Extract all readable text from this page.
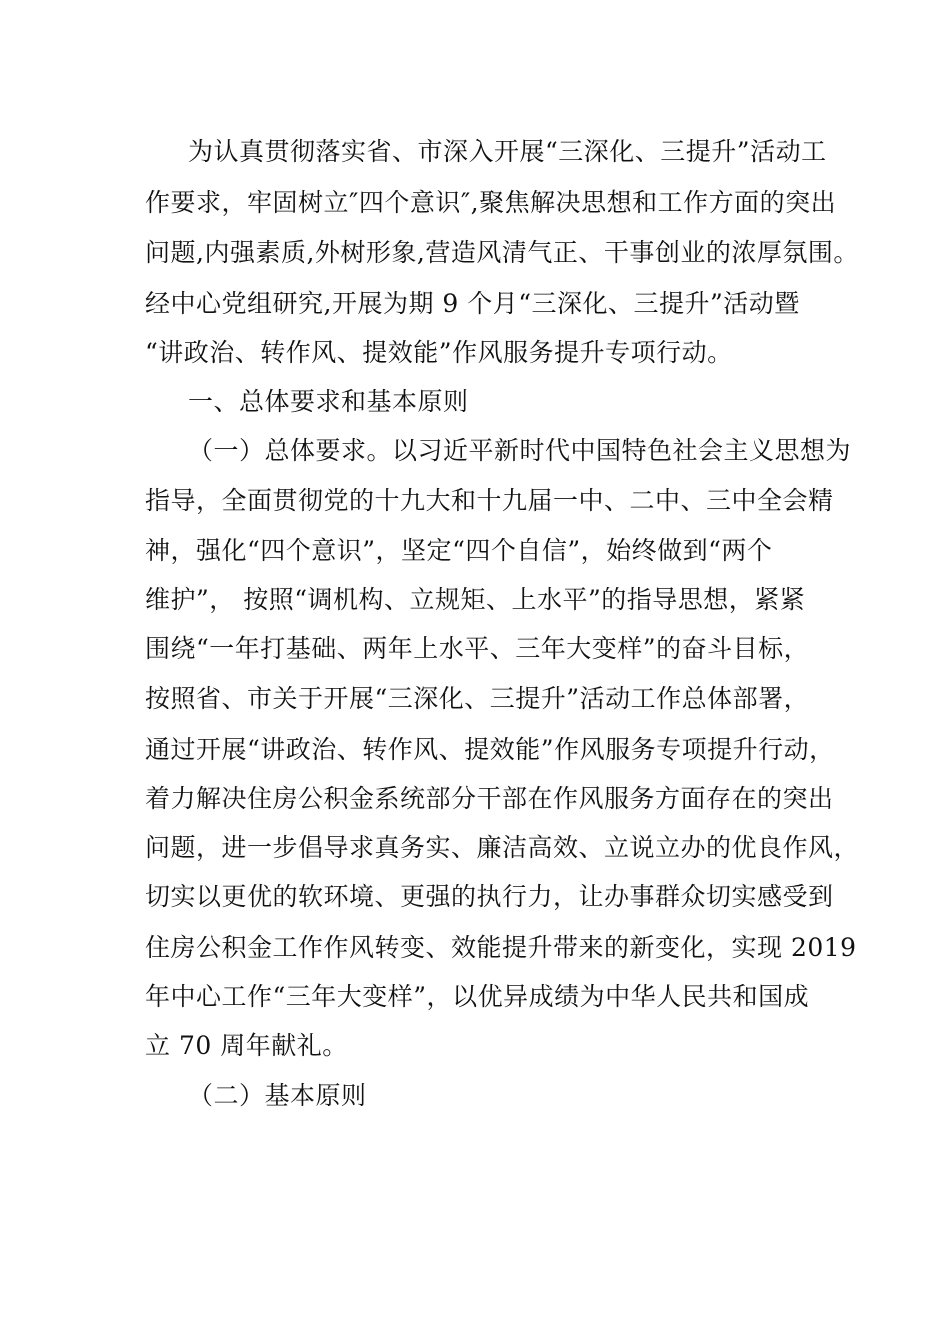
为认真贯彻落实省、市深入开展“三深化、三提升”活动工
作要求，牢固树立″四个意识″,聚焦解决思想和工作方面的突出
问题,内强素质,外树形象,营造风清气正、干事创业的浓厚氛围。
经中心党组研究,开展为期 9 个月“三深化、三提升”活动暨
“讲政治、转作风、提效能”作风服务提升专项行动。
一、总体要求和基本原则
（一）总体要求。以习近平新时代中国特色社会主义思想为
指导，全面贯彻党的十九大和十九届一中、二中、三中全会精
神，强化“四个意识”，坚定“四个自信”，始终做到“两个
维护”， 按照“调机构、立规矩、上水平”的指导思想，紧紧
围绕“一年打基础、两年上水平、三年大变样”的奋斗目标，
按照省、市关于开展“三深化、三提升”活动工作总体部署，
通过开展“讲政治、转作风、提效能”作风服务专项提升行动，
着力解决住房公积金系统部分干部在作风服务方面存在的突出
问题，进一步倡导求真务实、廉洁高效、立说立办的优良作风，
切实以更优的软环境、更强的执行力，让办事群众切实感受到
住房公积金工作作风转变、效能提升带来的新变化，实现 2019
年中心工作“三年大变样”，以优异成绩为中华人民共和国成
立 70 周年献礼。
（二）基本原则
